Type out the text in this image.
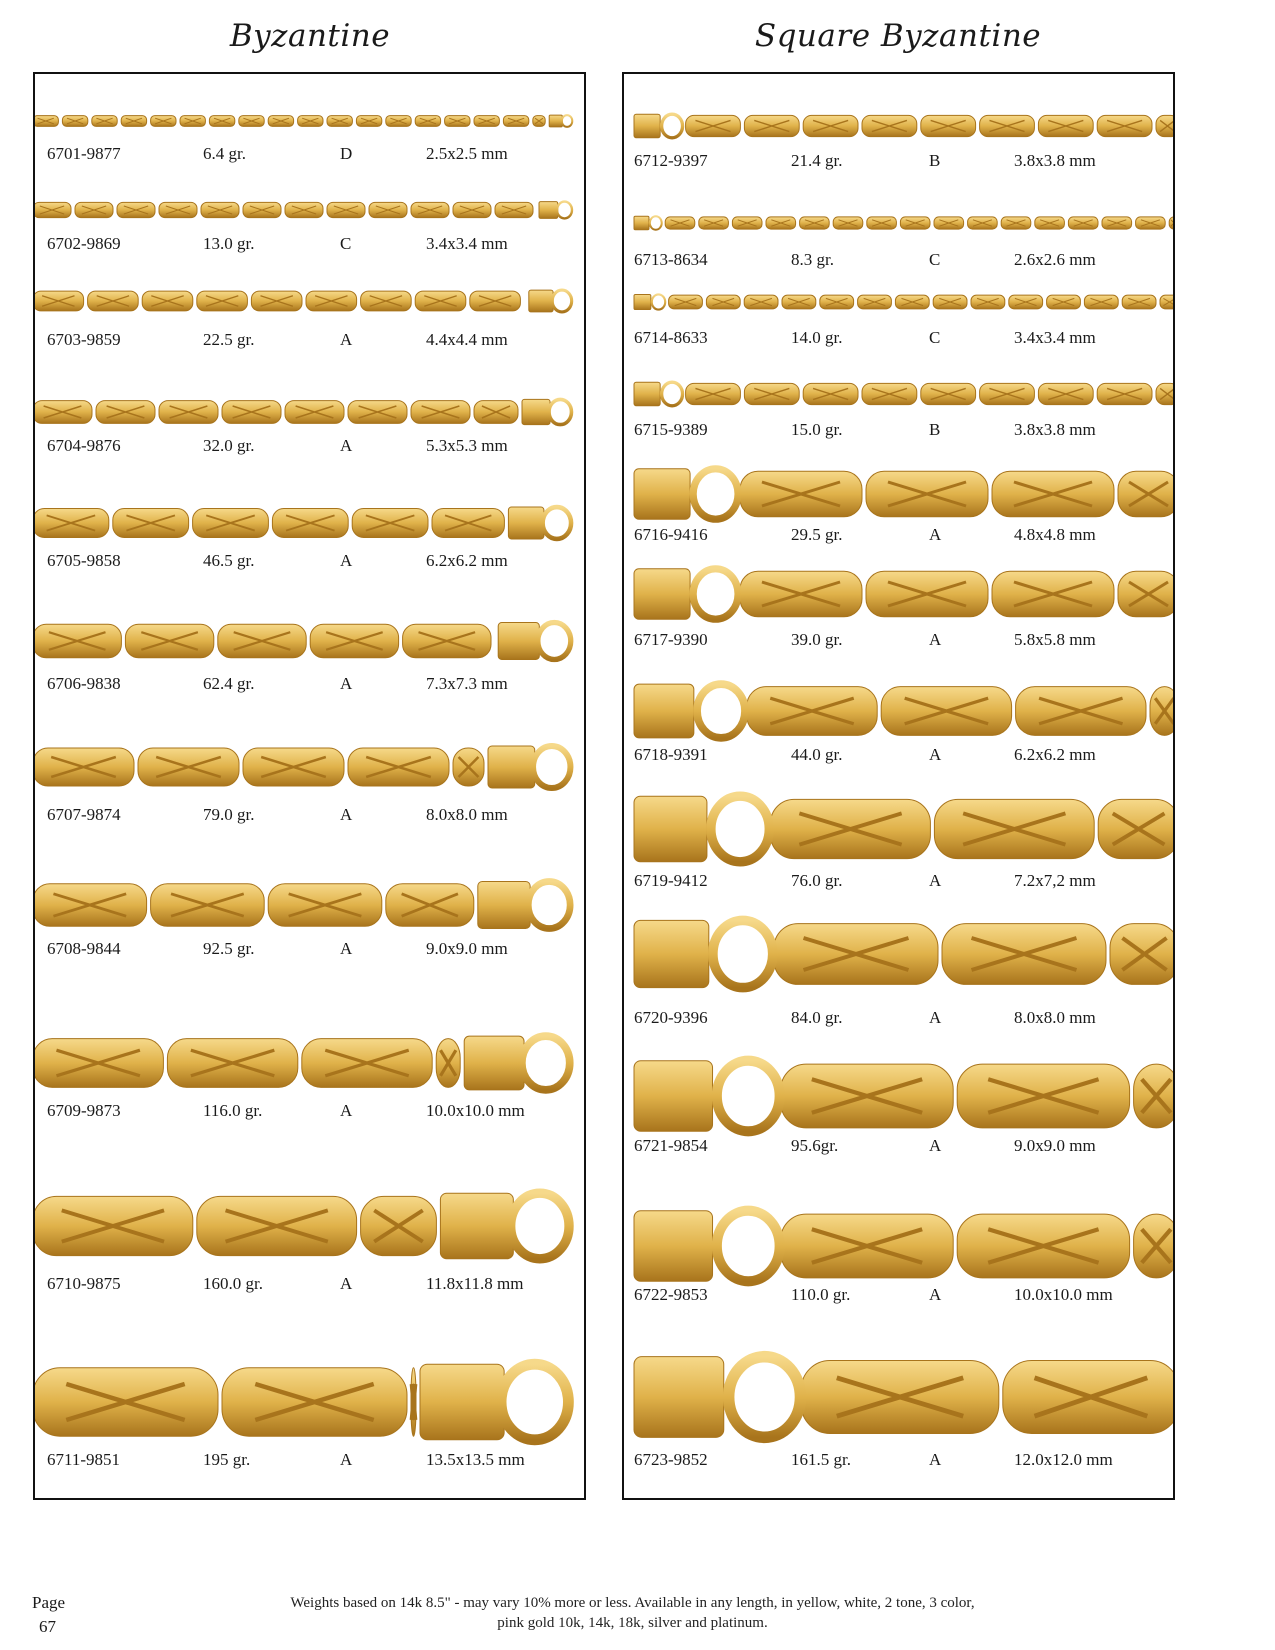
Byzantine	Square Byzantine
6701-9877	6.4 gr.	D	2.5x2.5 mm
6702-9869	13.0 gr.	C	3.4x3.4 mm
6703-9859	22.5 gr.	A	4.4x4.4 mm
6704-9876	32.0 gr.	A	5.3x5.3 mm
6705-9858	46.5 gr.	A	6.2x6.2 mm
6706-9838	62.4 gr.	A	7.3x7.3 mm
6707-9874	79.0 gr.	A	8.0x8.0 mm
6708-9844	92.5 gr.	A	9.0x9.0 mm
6709-9873	116.0 gr.	A	10.0x10.0 mm
6710-9875	160.0 gr.	A	11.8x11.8 mm
6711-9851	195 gr.	A	13.5x13.5 mm
6712-9397	21.4 gr.	B	3.8x3.8 mm
6713-8634	8.3 gr.	C	2.6x2.6 mm
6714-8633	14.0 gr.	C	3.4x3.4 mm
6715-9389	15.0 gr.	B	3.8x3.8 mm
6716-9416	29.5 gr.	A	4.8x4.8 mm
6717-9390	39.0 gr.	A	5.8x5.8 mm
6718-9391	44.0 gr.	A	6.2x6.2 mm
6719-9412	76.0 gr.	A	7.2x7,2 mm
6720-9396	84.0 gr.	A	8.0x8.0 mm
6721-9854	95.6gr.	A	9.0x9.0 mm
6722-9853	110.0 gr.	A	10.0x10.0 mm
6723-9852	161.5 gr.	A	12.0x12.0 mm
Page
67
Weights based on 14k 8.5" - may vary 10% more or less. Available in any length, in yellow, white, 2 tone, 3 color,
pink gold 10k, 14k, 18k, silver and platinum.
